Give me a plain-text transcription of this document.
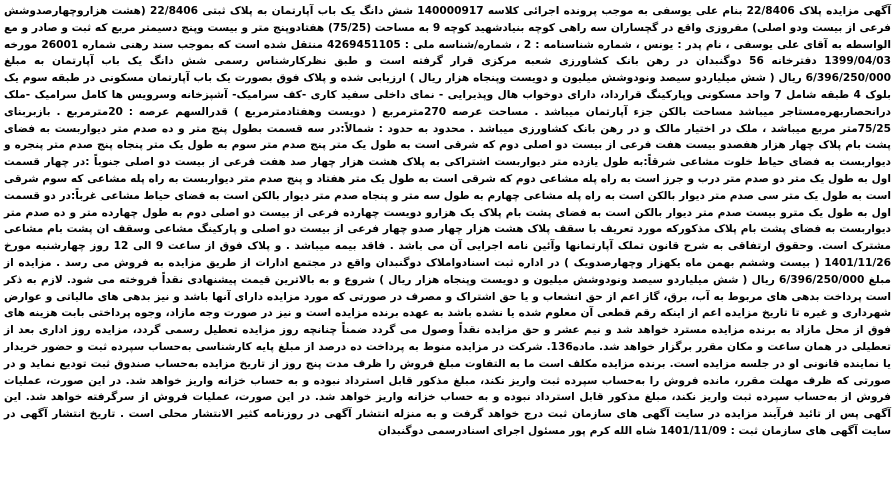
آگهی مزایده پلاک 22/8406 بنام علی یوسفی به موجب پرونده اجرائی کلاسه 140000917 شش دانگ یک باب آپارتمان به پلاک ثبتی 22/8406 (هشت هزاروچهارصدوشش فرعی از بیست ودو اصلی) مفروزی واقع در گچساران سه راهی کوچه بنیادشهید کوچه 9 به مساحت (75/25) هفتادوپنج متر و بیست وپنج دسیمتر مربع که ثبت و صادر و مع الواسطه به آقای علی یوسفی ، نام پدر : یونس ، شماره شناسنامه : 2 ، شماره/شناسه ملی : 4269451105 منتقل شده است که بموجب سند رهنی شماره 26001 مورخه 1399/04/03 دفترخانه 56 دوگنبدان در رهن بانک کشاورزی شعبه مرکزی قرار گرفته است و طبق نظرکارشناس رسمی شش دانگ یک باب آپارتمان به مبلغ 6/396/250/000 ریال ( شش میلیاردو سیصد ونودوشش میلیون و دویست وپنجاه هزار ریال ) ارزیابی شده و پلاک فوق بصورت یک باب آپارتمان مسکونی در طبقه سوم یک بلوک 4 طبقه شامل 7 واحد مسکونی وپارکینگ قرارداد، دارای دوخواب هال وپذیرایی - نمای داخلی سفید کاری -کف سرامیک- آشپزخانه وسرویس ها کامل سرامیک -ملک درانحصاربهره‌مستاجر میباشد مساحت بالکن جزء آپارتمان میباشد . مساحت عرصه 270مترمربع ( دویست وهفتادمترمربع ) قدرالسهم عرصه : 20مترمربع . بازبربنای 75/25متر مربع میباشد ، ملک در اختیار مالک و در رهن بانک کشاورزی میباشد . محدود به حدود : شمالاً:در سه قسمت بطول پنج متر و ده صدم متر دیواربست به فضای پشت بام پلاک چهار هزار هفصدو بیست هفت فرعی از بیست دو اصلی دوم که شرقی است به طول یک متر پنج صدم متر سوم به طول یک متر پنجاه پنج صدم متر پنجره و دیواربست به فضای حیاط خلوت مشاعی شرقاً:به طول یازده متر دیواربست اشتراکی به پلاک هشت هزار چهار صد هفت فرعی از بیست دو اصلی جنوباً :در چهار قسمت اول به طول یک متر دو صدم متر درب و جرز است به راه پله مشاعی دوم که شرقی است به طول یک متر هفتاد و پنج صدم متر دیواربست به راه پله مشاعی که سوم شرقی است به طول یک متر سی صدم متر دیوار بالکن است به راه پله مشاعی چهارم به طول سه متر و پنجاه صدم متر دیوار بالکن است به فضای حیاط مشاعی غرباً:در دو قسمت اول به طول یک مترو بیست صدم متر دیوار بالکن است به فضای پشت بام پلاک یک هزارو دویست چهارده فرعی از بیست دو اصلی دوم به طول چهارده متر و ده صدم متر دیواربست به فضای پشت بام پلاک مذکورکه مورد تعریف با سقف پلاک هشت هزار چهار صدو چهار فرعی از بیست دو اصلی و پارکینگ مشاعی وسقف ان پشت بام مشاعی مشترک است. وحقوق ارتفاقی به شرح قانون تملک آپارتمانها وآئین نامه اجرایی آن می باشد . فاقد بیمه میباشد . و پلاک فوق از ساعت 9 الی 12 روز چهارشنبه مورخ 1401/11/26 ( بیست وششم بهمن ماه یکهزار وچهارصدویک ) در اداره ثبت اسنادواملاک دوگنبدان واقع در مجتمع ادارات از طریق مزایده به فروش می رسد . مزایده از مبلغ 6/396/250/000 ریال ( شش میلیاردو سیصد ونودوشش میلیون و دویست وپنجاه هزار ریال ) شروع و به بالاترین قیمت پیشنهادی نقداً فروخته می شود. لازم به ذکر است پرداخت بدهی های مربوط به آب، برق، گاز اعم از حق انشعاب و یا حق اشتراک و مصرف در صورتی که مورد مزایده دارای آنها باشد و نیز بدهی های مالیاتی و عوارض شهرداری و غیره تا تاریخ مزایده اعم از اینکه رقم قطعی آن معلوم شده یا نشده باشد به عهده برنده مزایده است و نیز در صورت وجه مازاد، وجوه پرداختی بابت هزینه های فوق از محل مازاد به برنده مزایده مسترد خواهد شد و نیم عشر و حق مزایده نقداً وصول می گردد ضمناً چنانچه روز مزایده تعطیل رسمی گردد، مزایده روز اداری بعد از تعطیلی در همان ساعت و مکان مقرر برگزار خواهد شد. ماده136. شرکت در مزایده منوط به پرداخت ده درصد از مبلغ پایه کارشناسی به‌حساب سپرده ثبت و حضور خریدار یا نماینده قانونی او در جلسه مزایده است. برنده مزایده مکلف است ما به التفاوت مبلغ فروش را ظرف مدت پنج روز از تاریخ مزایده به‌حساب صندوق ثبت تودیع نماید و در صورتی که ظرف مهلت مقرر، مانده فروش را به‌حساب سپرده ثبت واریز نکند، مبلغ مذکور قابل استرداد نبوده و به حساب خزانه واریز خواهد شد. در این صورت، عملیات فروش از به‌حساب سپرده ثبت واریز نکند، مبلغ مذکور قابل استرداد نبوده و به حساب خزانه واریز خواهد شد. در این صورت، عملیات فروش از سرگرفته خواهد شد. این آگهی پس از تائید فرآیند مزایده در سایت آگهی های سازمان ثبت درج خواهد گرفت و به منزله انتشار آگهی در روزنامه کثیر الانتشار محلی است . تاریخ انتشار آگهی در سایت آگهی های سازمان ثبت : 1401/11/09 شاه الله کرم پور مسئول اجرای اسنادرسمی دوگنبدان
